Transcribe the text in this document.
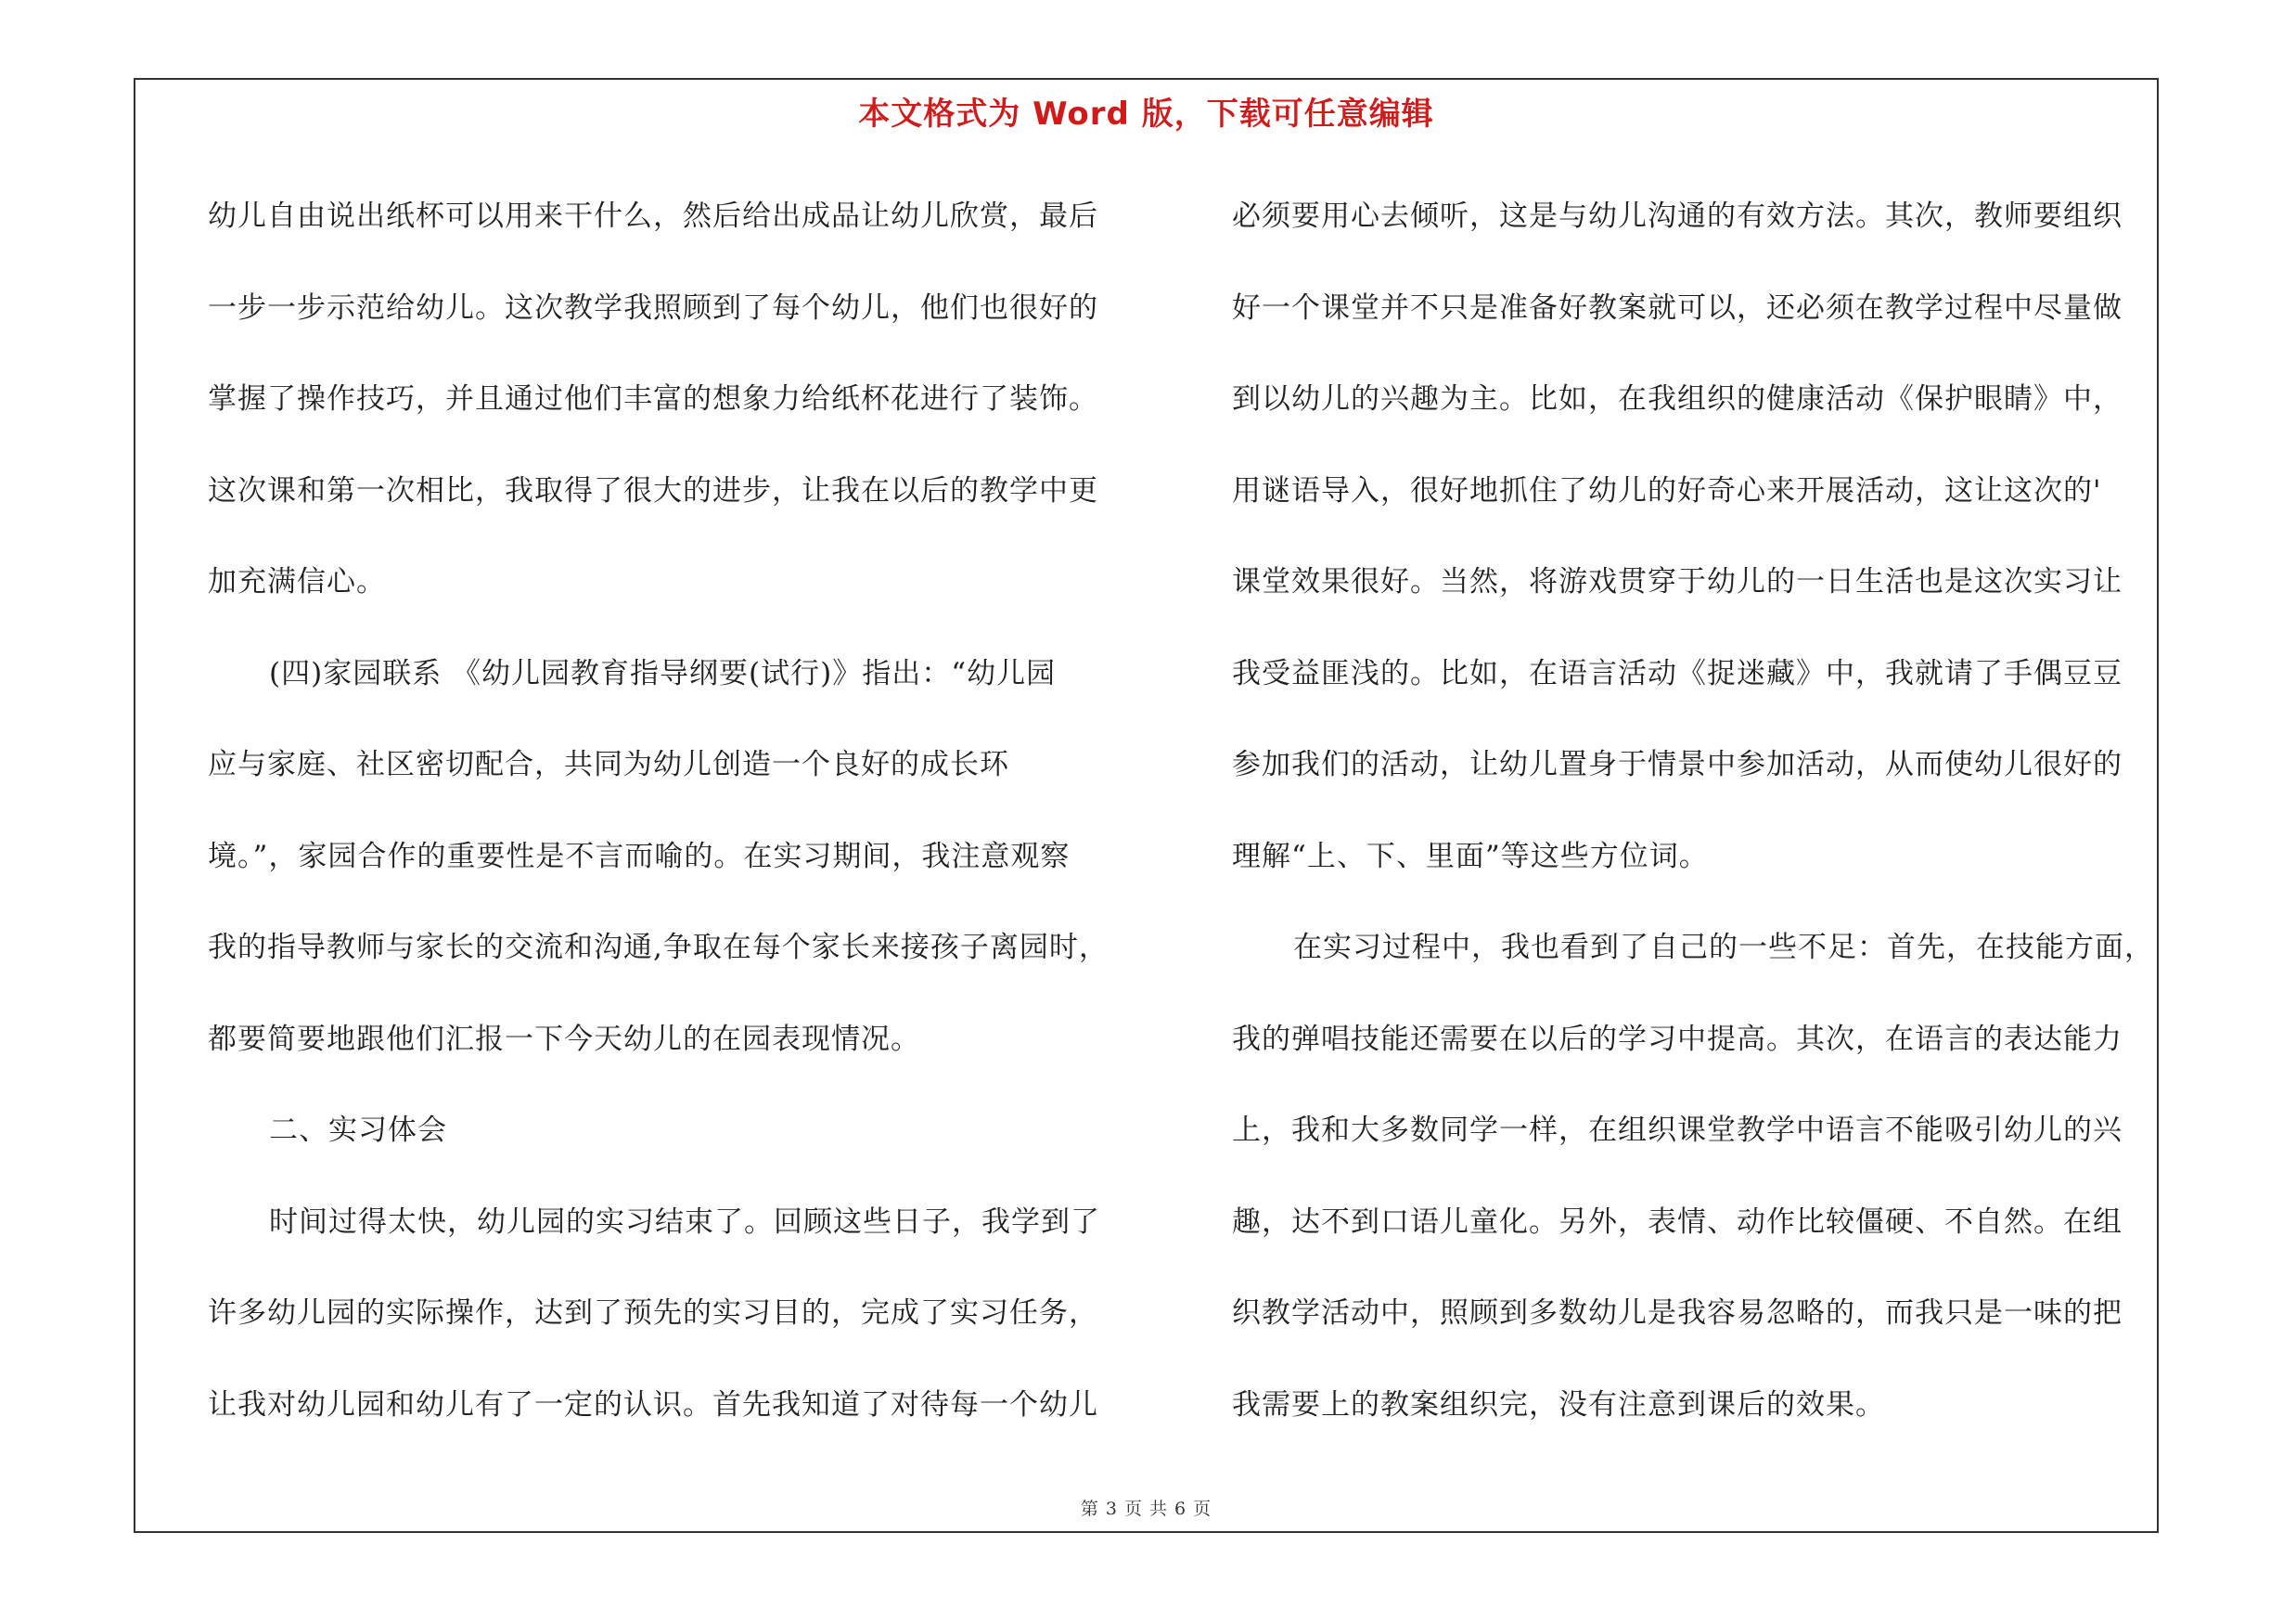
本文格式为 Word 版，下载可任意编辑
幼儿自由说出纸杯可以用来干什么，然后给出成品让幼儿欣赏，最后
一步一步示范给幼儿。这次教学我照顾到了每个幼儿，他们也很好的
掌握了操作技巧，并且通过他们丰富的想象力给纸杯花进行了装饰。
这次课和第一次相比，我取得了很大的进步，让我在以后的教学中更
加充满信心。
(四)家园联系 《幼儿园教育指导纲要(试行)》指出：“幼儿园
应与家庭、社区密切配合，共同为幼儿创造一个良好的成长环
境。”，家园合作的重要性是不言而喻的。在实习期间，我注意观察
我的指导教师与家长的交流和沟通,争取在每个家长来接孩子离园时，
都要简要地跟他们汇报一下今天幼儿的在园表现情况。
二、实习体会
时间过得太快，幼儿园的实习结束了。回顾这些日子，我学到了
许多幼儿园的实际操作，达到了预先的实习目的，完成了实习任务，
让我对幼儿园和幼儿有了一定的认识。首先我知道了对待每一个幼儿
必须要用心去倾听，这是与幼儿沟通的有效方法。其次，教师要组织
好一个课堂并不只是准备好教案就可以，还必须在教学过程中尽量做
到以幼儿的兴趣为主。比如，在我组织的健康活动《保护眼睛》中，
用谜语导入，很好地抓住了幼儿的好奇心来开展活动，这让这次的'
课堂效果很好。当然，将游戏贯穿于幼儿的一日生活也是这次实习让
我受益匪浅的。比如，在语言活动《捉迷藏》中，我就请了手偶豆豆
参加我们的活动，让幼儿置身于情景中参加活动，从而使幼儿很好的
理解“上、下、里面”等这些方位词。
在实习过程中，我也看到了自己的一些不足：首先，在技能方面，
我的弹唱技能还需要在以后的学习中提高。其次，在语言的表达能力
上，我和大多数同学一样，在组织课堂教学中语言不能吸引幼儿的兴
趣，达不到口语儿童化。另外，表情、动作比较僵硬、不自然。在组
织教学活动中，照顾到多数幼儿是我容易忽略的，而我只是一味的把
我需要上的教案组织完，没有注意到课后的效果。
第 3 页 共 6 页
